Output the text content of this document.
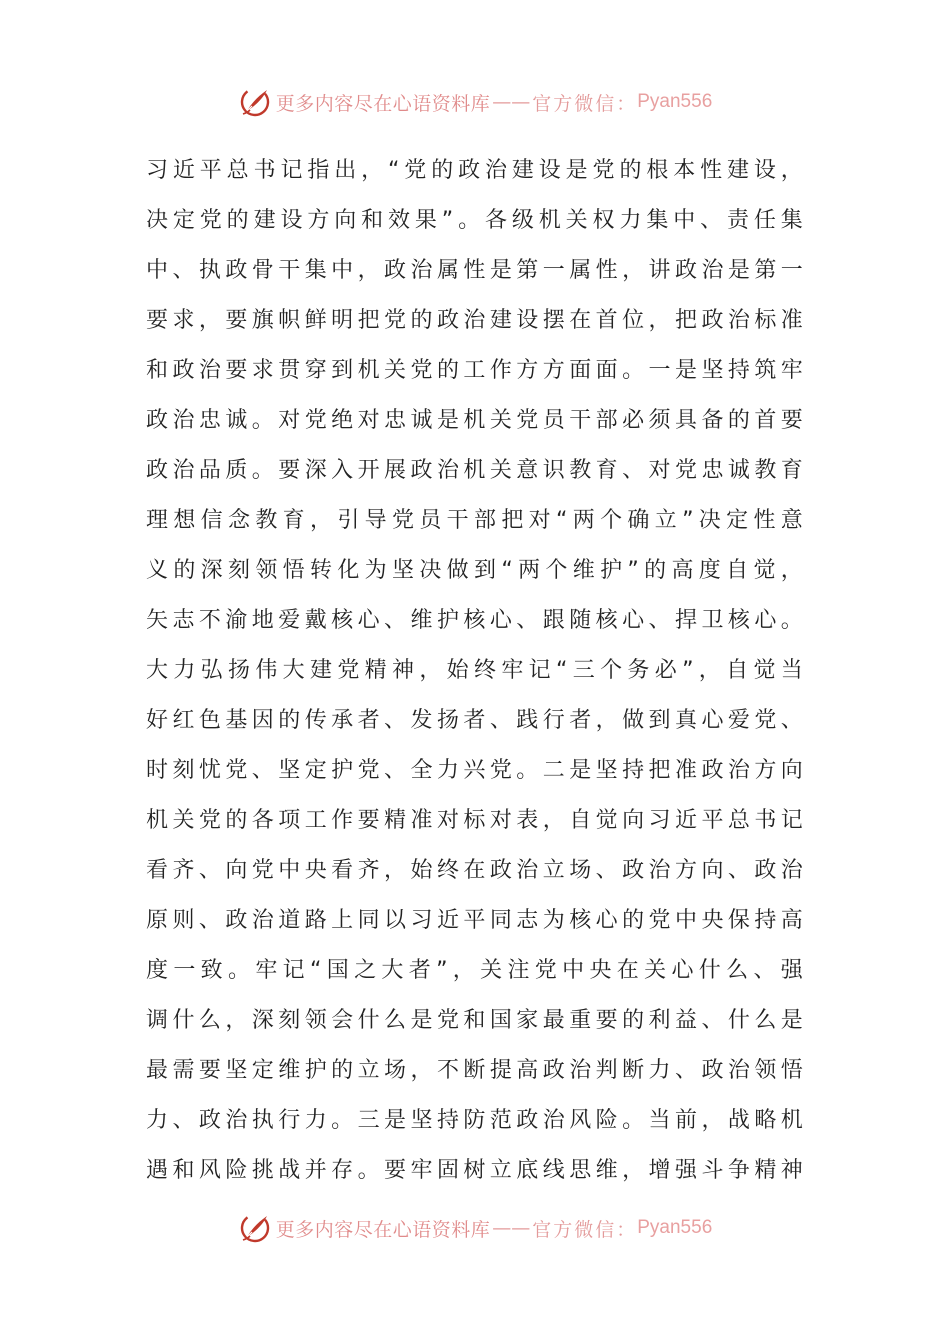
更多内容尽在心语资料库 —— 官方微信： Pyan556
习近平总书记指出，“党的政治建设是党的根本性建设，
决定党的建设方向和效果”。各级机关权力集中、责任集
中、执政骨干集中，政治属性是第一属性，讲政治是第一
要求，要旗帜鲜明把党的政治建设摆在首位，把政治标准
和政治要求贯穿到机关党的工作方方面面。一是坚持筑牢
政治忠诚。对党绝对忠诚是机关党员干部必须具备的首要
政治品质。要深入开展政治机关意识教育、对党忠诚教育
理想信念教育，引导党员干部把对“两个确立”决定性意
义的深刻领悟转化为坚决做到“两个维护”的高度自觉，
矢志不渝地爱戴核心、维护核心、跟随核心、捍卫核心。
大力弘扬伟大建党精神，始终牢记“三个务必”，自觉当
好红色基因的传承者、发扬者、践行者，做到真心爱党、
时刻忧党、坚定护党、全力兴党。二是坚持把准政治方向
机关党的各项工作要精准对标对表，自觉向习近平总书记
看齐、向党中央看齐，始终在政治立场、政治方向、政治
原则、政治道路上同以习近平同志为核心的党中央保持高
度一致。牢记“国之大者”，关注党中央在关心什么、强
调什么，深刻领会什么是党和国家最重要的利益、什么是
最需要坚定维护的立场，不断提高政治判断力、政治领悟
力、政治执行力。三是坚持防范政治风险。当前，战略机
遇和风险挑战并存。要牢固树立底线思维，增强斗争精神
更多内容尽在心语资料库 —— 官方微信： Pyan556
